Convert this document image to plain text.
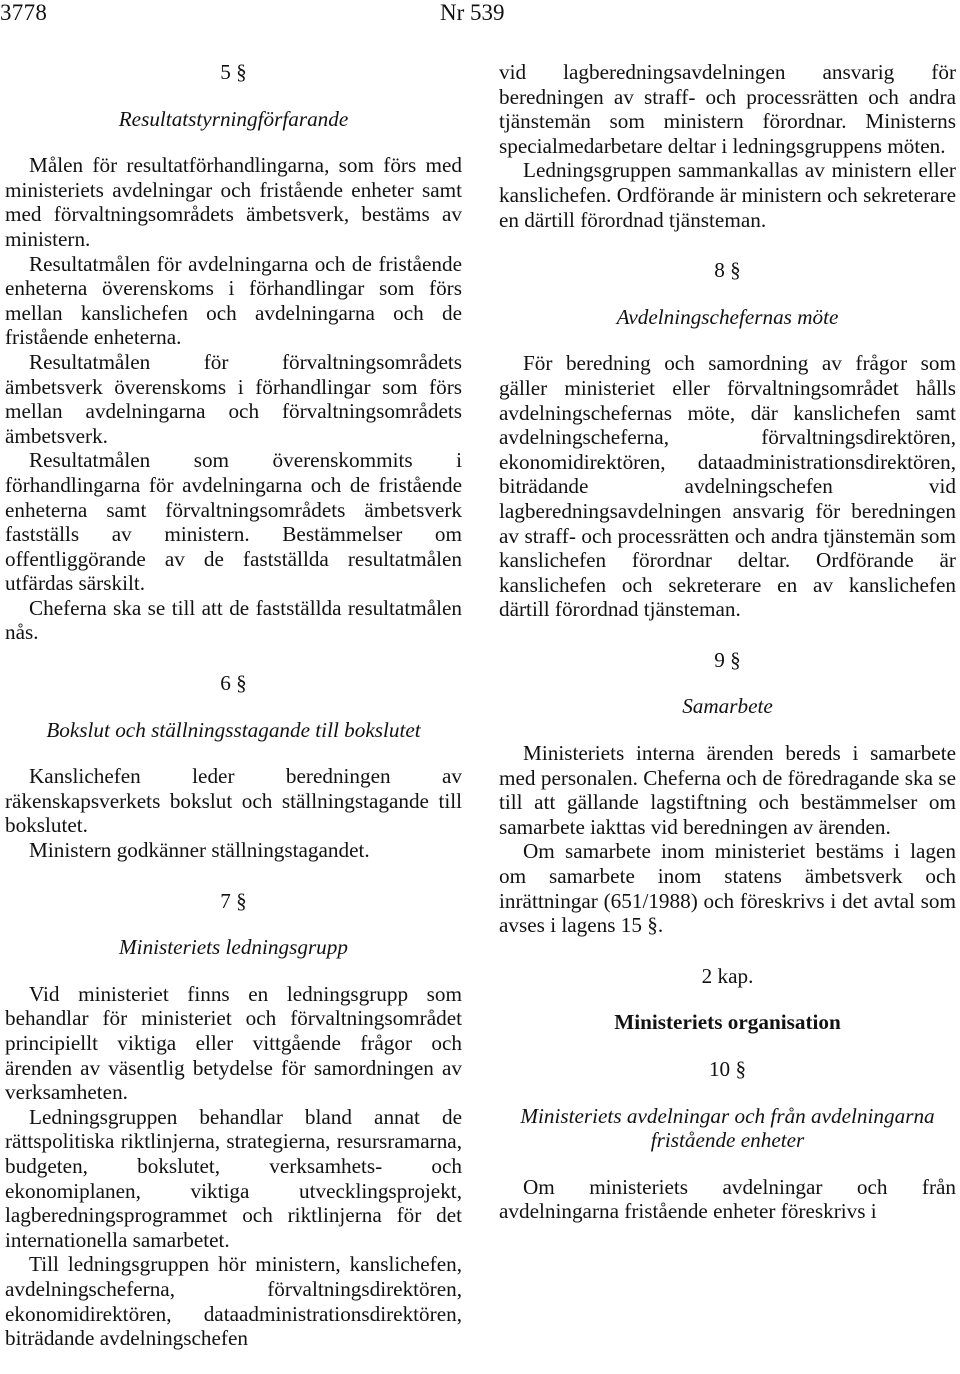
3778	Nr 539

5 §

Resultatstyrningförfarande

Målen för resultatförhandlingarna, som förs med ministeriets avdelningar och fristående enheter samt med förvaltningsområdets ämbetsverk, bestäms av ministern.

Resultatmålen för avdelningarna och de fristående enheterna överenskoms i förhandlingar som förs mellan kanslichefen och avdelningarna och de fristående enheterna.

Resultatmålen för förvaltningsområdets ämbetsverk överenskoms i förhandlingar som förs mellan avdelningarna och förvaltningsområdets ämbetsverk.

Resultatmålen som överenskommits i förhandlingarna för avdelningarna och de fristående enheterna samt förvaltningsområdets ämbetsverk fastställs av ministern. Bestämmelser om offentliggörande av de fastställda resultatmålen utfärdas särskilt.

Cheferna ska se till att de fastställda resultatmålen nås.

6 §

Bokslut och ställningsstagande till bokslutet

Kanslichefen leder beredningen av räkenskapsverkets bokslut och ställningstagande till bokslutet.

Ministern godkänner ställningstagandet.

7 §

Ministeriets ledningsgrupp

Vid ministeriet finns en ledningsgrupp som behandlar för ministeriet och förvaltningsområdet principiellt viktiga eller vittgående frågor och ärenden av väsentlig betydelse för samordningen av verksamheten.

Ledningsgruppen behandlar bland annat de rättspolitiska riktlinjerna, strategierna, resursramarna, budgeten, bokslutet, verksamhets- och ekonomiplanen, viktiga utvecklingsprojekt, lagberedningsprogrammet och riktlinjerna för det internationella samarbetet.

Till ledningsgruppen hör ministern, kanslichefen, avdelningscheferna, förvaltningsdirektören, ekonomidirektören, dataadministrationsdirektören, biträdande avdelningschefen

vid lagberedningsavdelningen ansvarig för beredningen av straff- och processrätten och andra tjänstemän som ministern förordnar. Ministerns specialmedarbetare deltar i ledningsgruppens möten.

Ledningsgruppen sammankallas av ministern eller kanslichefen. Ordförande är ministern och sekreterare en därtill förordnad tjänsteman.

8 §

Avdelningschefernas möte

För beredning och samordning av frågor som gäller ministeriet eller förvaltningsområdet hålls avdelningschefernas möte, där kanslichefen samt avdelningscheferna, förvaltningsdirektören, ekonomidirektören, dataadministrationsdirektören, biträdande avdelningschefen vid lagberedningsavdelningen ansvarig för beredningen av straff- och processrätten och andra tjänstemän som kanslichefen förordnar deltar. Ordförande är kanslichefen och sekreterare en av kanslichefen därtill förordnad tjänsteman.

9 §

Samarbete

Ministeriets interna ärenden bereds i samarbete med personalen. Cheferna och de föredragande ska se till att gällande lagstiftning och bestämmelser om samarbete iakttas vid beredningen av ärenden.

Om samarbete inom ministeriet bestäms i lagen om samarbete inom statens ämbetsverk och inrättningar (651/1988) och föreskrivs i det avtal som avses i lagens 15 §.

2 kap.

Ministeriets organisation

10 §

Ministeriets avdelningar och från avdelningarna fristående enheter

Om ministeriets avdelningar och från avdelningarna fristående enheter föreskrivs i
